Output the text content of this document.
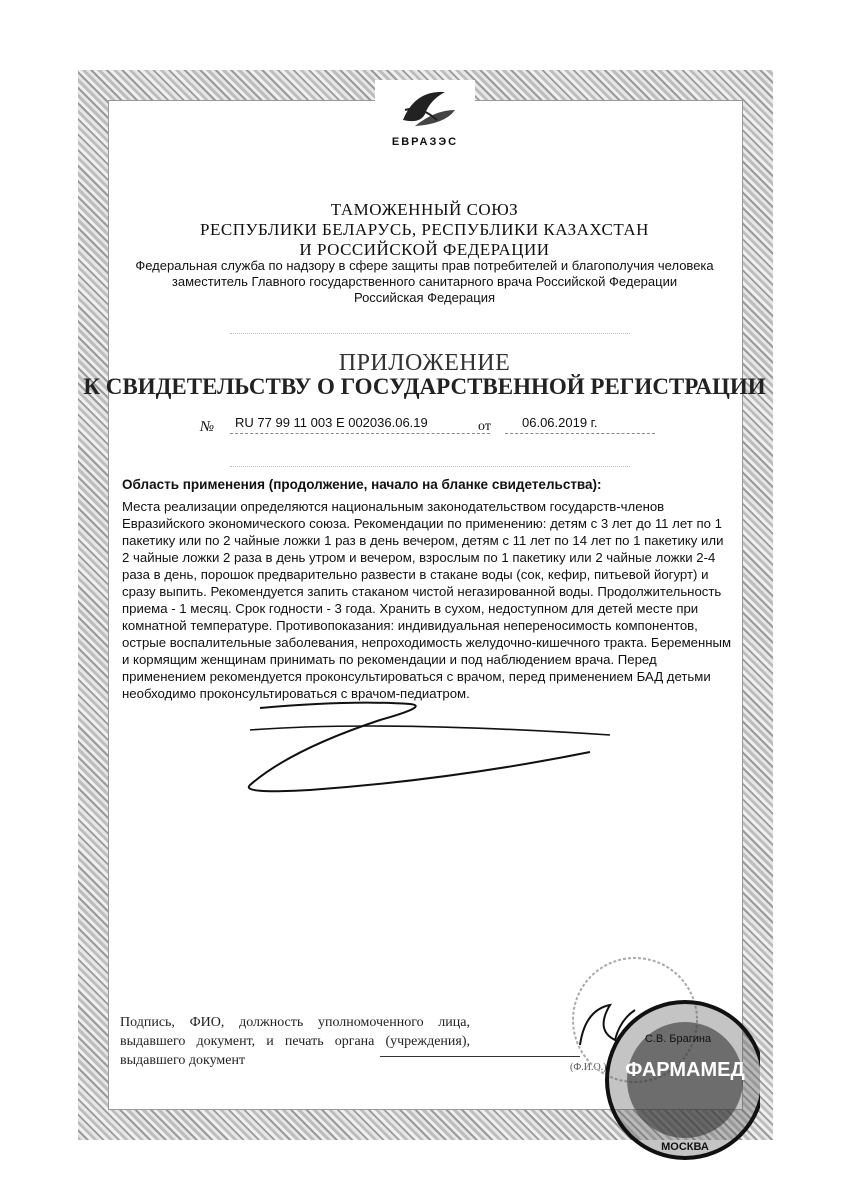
ЕВРАЗЭС
ТАМОЖЕННЫЙ СОЮЗ
РЕСПУБЛИКИ БЕЛАРУСЬ, РЕСПУБЛИКИ КАЗАХСТАН
И РОССИЙСКОЙ ФЕДЕРАЦИИ
Федеральная служба по надзору в сфере защиты прав потребителей и благополучия человека
заместитель Главного государственного санитарного врача Российской Федерации
Российская Федерация
ПРИЛОЖЕНИЕ
К СВИДЕТЕЛЬСТВУ О ГОСУДАРСТВЕННОЙ РЕГИСТРАЦИИ
№ RU 77 99 11 003 E 002036.06.19	от 06.06.2019 г.
Область применения (продолжение, начало на бланке свидетельства):
Места реализации определяются национальным законодательством государств-членов
Евразийского экономического союза. Рекомендации по применению: детям с 3 лет до 11 лет по 1
пакетику или по 2 чайные ложки 1 раз в день вечером, детям с 11 лет по 14 лет по 1 пакетику или
2 чайные ложки 2 раза в день утром и вечером, взрослым по 1 пакетику или 2 чайные ложки 2-4
раза в день, порошок предварительно развести в стакане воды (сок, кефир, питьевой йогурт) и
сразу выпить. Рекомендуется запить стаканом чистой негазированной воды. Продолжительность
приема - 1 месяц. Срок годности - 3 года. Хранить в сухом, недоступном для детей месте при
комнатной температуре. Противопоказания: индивидуальная непереносимость компонентов,
острые воспалительные заболевания, непроходимость желудочно-кишечного тракта. Беременным
и кормящим женщинам принимать по рекомендации и под наблюдением врача. Перед
применением рекомендуется проконсультироваться с врачом, перед применением БАД детьми
необходимо проконсультироваться с врачом-педиатром.
Подпись, ФИО, должность уполномоченного лица, выдавшего документ, и печать органа (учреждения), выдавшего документ	(Ф.И.О.) ФАРМАМЕД
МОСКВА
С.В. Брагина
